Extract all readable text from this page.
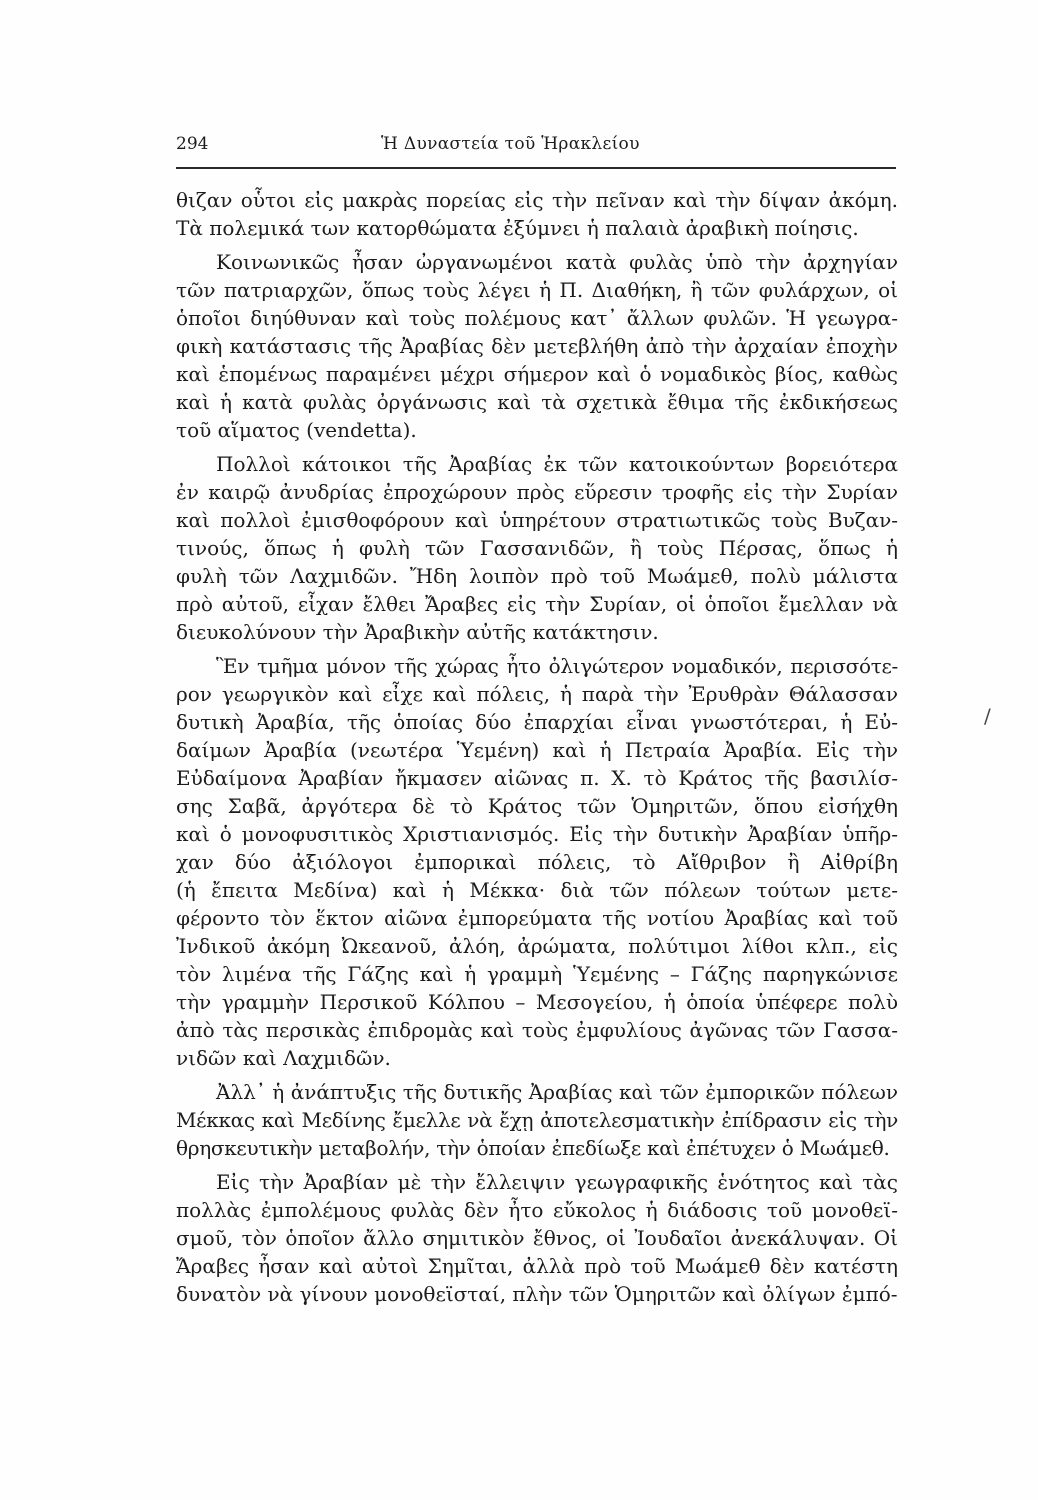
294	Ἡ Δυναστεία τοῦ Ἡρακλείου
θιζαν οὗτοι εἰς μακρὰς πορείας εἰς τὴν πεῖναν καὶ τὴν δίψαν ἀκόμη.
Τὰ πολεμικά των κατορθώματα ἐξύμνει ἡ παλαιὰ ἀραβικὴ ποίησις.
Κοινωνικῶς ἦσαν ὠργανωμένοι κατὰ φυλὰς ὑπὸ τὴν ἀρχηγίαν
τῶν πατριαρχῶν, ὅπως τοὺς λέγει ἡ Π. Διαθήκη, ἢ τῶν φυλάρχων, οἱ
ὁποῖοι διηύθυναν καὶ τοὺς πολέμους κατ᾽ ἄλλων φυλῶν. Ἡ γεωγρα-
φικὴ κατάστασις τῆς Ἀραβίας δὲν μετεβλήθη ἀπὸ τὴν ἀρχαίαν ἐποχὴν
καὶ ἑπομένως παραμένει μέχρι σήμερον καὶ ὁ νομαδικὸς βίος, καθὼς
καὶ ἡ κατὰ φυλὰς ὀργάνωσις καὶ τὰ σχετικὰ ἔθιμα τῆς ἐκδικήσεως
τοῦ αἵματος (vendetta).
Πολλοὶ κάτοικοι τῆς Ἀραβίας ἐκ τῶν κατοικούντων βορειότερα
ἐν καιρῷ ἀνυδρίας ἐπροχώρουν πρὸς εὕρεσιν τροφῆς εἰς τὴν Συρίαν
καὶ πολλοὶ ἐμισθοφόρουν καὶ ὑπηρέτουν στρατιωτικῶς τοὺς Βυζαν-
τινούς, ὅπως ἡ φυλὴ τῶν Γασσανιδῶν, ἢ τοὺς Πέρσας, ὅπως ἡ
φυλὴ τῶν Λαχμιδῶν. Ἤδη λοιπὸν πρὸ τοῦ Μωάμεθ, πολὺ μάλιστα
πρὸ αὐτοῦ, εἶχαν ἔλθει Ἄραβες εἰς τὴν Συρίαν, οἱ ὁποῖοι ἔμελλαν νὰ
διευκολύνουν τὴν Ἀραβικὴν αὐτῆς κατάκτησιν.
Ἓν τμῆμα μόνον τῆς χώρας ἦτο ὀλιγώτερον νομαδικόν, περισσότε-
ρον γεωργικὸν καὶ εἶχε καὶ πόλεις, ἡ παρὰ τὴν Ἐρυθρὰν Θάλασσαν
δυτικὴ Ἀραβία, τῆς ὁποίας δύο ἐπαρχίαι εἶναι γνωστότεραι, ἡ Εὐ-
δαίμων Ἀραβία (νεωτέρα Ὑεμένη) καὶ ἡ Πετραία Ἀραβία. Εἰς τὴν
Εὐδαίμονα Ἀραβίαν ἤκμασεν αἰῶνας π. Χ. τὸ Κράτος τῆς βασιλίσ-
σης Σαβᾶ, ἀργότερα δὲ τὸ Κράτος τῶν Ὁμηριτῶν, ὅπου εἰσήχθη
καὶ ὁ μονοφυσιτικὸς Χριστιανισμός. Εἰς τὴν δυτικὴν Ἀραβίαν ὑπῆρ-
χαν δύο ἀξιόλογοι ἐμπορικαὶ πόλεις, τὸ Αἴθριβον ἢ Αἰθρίβη
(ἡ ἔπειτα Μεδίνα) καὶ ἡ Μέκκα· διὰ τῶν πόλεων τούτων μετε-
φέροντο τὸν ἕκτον αἰῶνα ἐμπορεύματα τῆς νοτίου Ἀραβίας καὶ τοῦ
Ἰνδικοῦ ἀκόμη Ὠκεανοῦ, ἀλόη, ἀρώματα, πολύτιμοι λίθοι κλπ., εἰς
τὸν λιμένα τῆς Γάζης καὶ ἡ γραμμὴ Ὑεμένης – Γάζης παρηγκώνισε
τὴν γραμμὴν Περσικοῦ Κόλπου – Μεσογείου, ἡ ὁποία ὑπέφερε πολὺ
ἀπὸ τὰς περσικὰς ἐπιδρομὰς καὶ τοὺς ἐμφυλίους ἀγῶνας τῶν Γασσα-
νιδῶν καὶ Λαχμιδῶν.
Ἀλλ᾽ ἡ ἀνάπτυξις τῆς δυτικῆς Ἀραβίας καὶ τῶν ἐμπορικῶν πόλεων
Μέκκας καὶ Μεδίνης ἔμελλε νὰ ἔχῃ ἀποτελεσματικὴν ἐπίδρασιν εἰς τὴν
θρησκευτικὴν μεταβολήν, τὴν ὁποίαν ἐπεδίωξε καὶ ἐπέτυχεν ὁ Μωάμεθ.
Εἰς τὴν Ἀραβίαν μὲ τὴν ἔλλειψιν γεωγραφικῆς ἑνότητος καὶ τὰς
πολλὰς ἐμπολέμους φυλὰς δὲν ἦτο εὔκολος ἡ διάδοσις τοῦ μονοθεϊ-
σμοῦ, τὸν ὁποῖον ἄλλο σημιτικὸν ἔθνος, οἱ Ἰουδαῖοι ἀνεκάλυψαν. Οἱ
Ἄραβες ἦσαν καὶ αὐτοὶ Σημῖται, ἀλλὰ πρὸ τοῦ Μωάμεθ δὲν κατέστη
δυνατὸν νὰ γίνουν μονοθεϊσταί, πλὴν τῶν Ὁμηριτῶν καὶ ὀλίγων ἐμπό-
/
